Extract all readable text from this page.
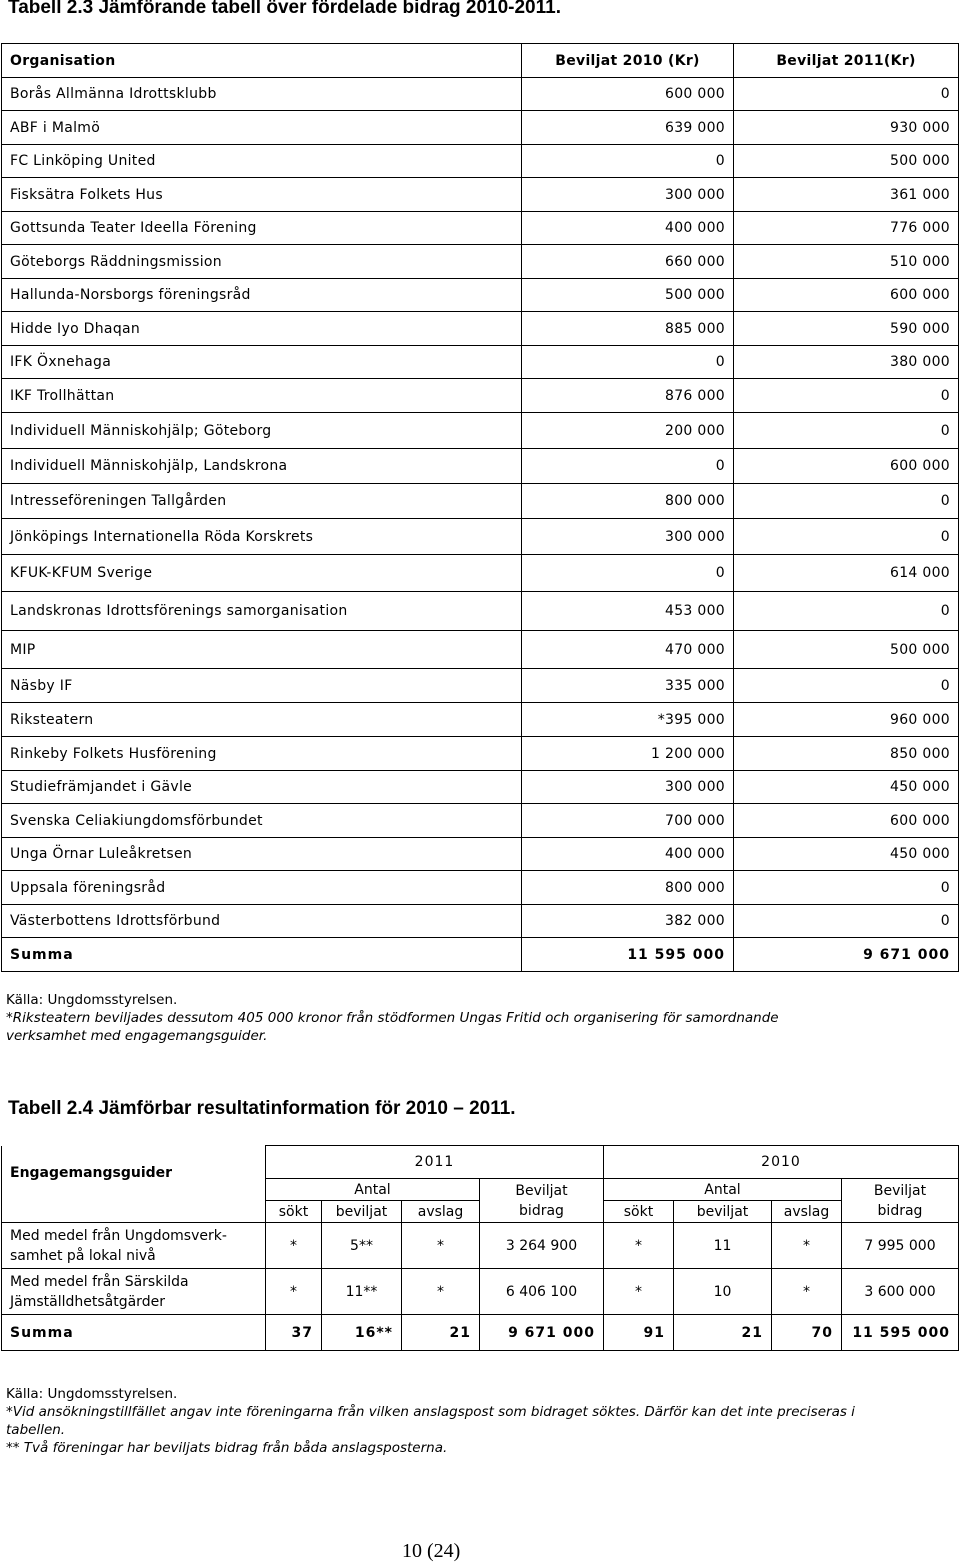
Tabell 2.3 Jämförande tabell över fördelade bidrag 2010-2011.
Organisation	Beviljat 2010 (Kr)	Beviljat 2011(Kr)
Borås Allmänna Idrottsklubb	600 000	0
ABF i Malmö	639 000	930 000
FC Linköping United	0	500 000
Fisksätra Folkets Hus	300 000	361 000
Gottsunda Teater Ideella Förening	400 000	776 000
Göteborgs Räddningsmission	660 000	510 000
Hallunda-Norsborgs föreningsråd	500 000	600 000
Hidde Iyo Dhaqan	885 000	590 000
IFK Öxnehaga	0	380 000
IKF Trollhättan	876 000	0
Individuell Människohjälp; Göteborg	200 000	0
Individuell Människohjälp, Landskrona	0	600 000
Intresseföreningen Tallgården	800 000	0
Jönköpings Internationella Röda Korskrets	300 000	0
KFUK-KFUM Sverige	0	614 000
Landskronas Idrottsförenings samorganisation	453 000	0
MIP	470 000	500 000
Näsby IF	335 000	0
Riksteatern	*395 000	960 000
Rinkeby Folkets Husförening	1 200 000	850 000
Studiefrämjandet i Gävle	300 000	450 000
Svenska Celiakiungdomsförbundet	700 000	600 000
Unga Örnar Luleåkretsen	400 000	450 000
Uppsala föreningsråd	800 000	0
Västerbottens Idrottsförbund	382 000	0
Summa	11 595 000	9 671 000
Källa: Ungdomsstyrelsen.
*Riksteatern beviljades dessutom 405 000 kronor från stödformen Ungas Fritid och organisering för samordnande verksamhet med engagemangsguider.
Tabell 2.4 Jämförbar resultatinformation för 2010 – 2011.
Engagemangsguider	2011				2010			
	Antal			Beviljat bidrag	Antal			Beviljat bidrag
	sökt	beviljat	avslag		sökt	beviljat	avslag	
Med medel från Ungdomsverk-samhet på lokal nivå	*	5**	*	3 264 900	*	11	*	7 995 000
Med medel från Särskilda Jämställdhetsåtgärder	*	11**	*	6 406 100	*	10	*	3 600 000
Summa	37	16**	21	9 671 000	91	21	70	11 595 000
Källa: Ungdomsstyrelsen.
*Vid ansökningstillfället angav inte föreningarna från vilken anslagspost som bidraget söktes. Därför kan det inte preciseras i tabellen.
** Två föreningar har beviljats bidrag från båda anslagsposterna.
10 (24)
